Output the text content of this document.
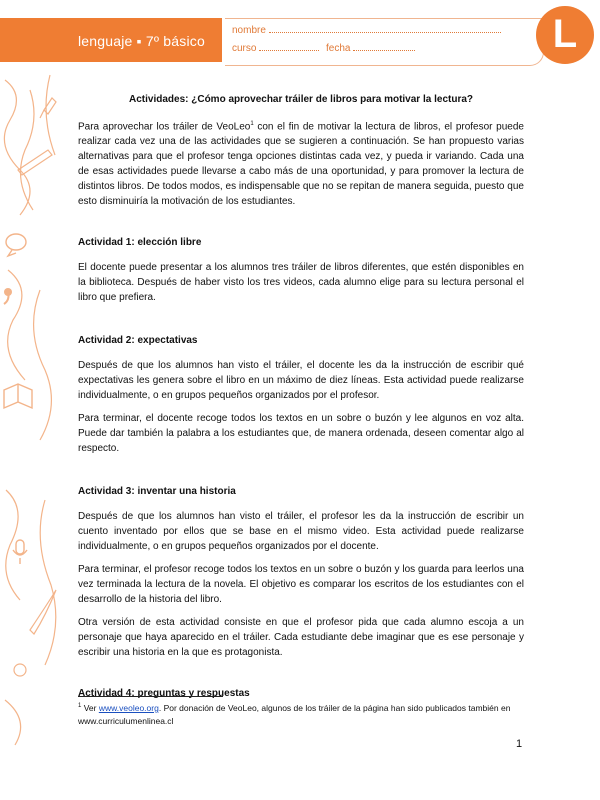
lenguaje ▪ 7º básico
nombre
curso	fecha	L
Actividades: ¿Cómo aprovechar tráiler de libros para motivar la lectura?

Para aprovechar los tráiler de VeoLeo$^1$ con el fin de motivar la lectura de libros, el profesor puede realizar cada vez una de las actividades que se sugieren a continuación. Se han propuesto varias alternativas para que el profesor tenga opciones distintas cada vez, y pueda ir variando. Cada una de esas actividades puede llevarse a cabo más de una oportunidad, y para promover la lectura de distintos libros. De todos modos, es indispensable que no se repitan de manera seguida, puesto que esto disminuiría la motivación de los estudiantes.

Actividad 1: elección libre

El docente puede presentar a los alumnos tres tráiler de libros diferentes, que estén disponibles en la biblioteca. Después de haber visto los tres videos, cada alumno elige para su lectura personal el libro que prefiera.

Actividad 2: expectativas

Después de que los alumnos han visto el tráiler, el docente les da la instrucción de escribir qué expectativas les genera sobre el libro en un máximo de diez líneas. Esta actividad puede realizarse individualmente, o en grupos pequeños organizados por el profesor.

Para terminar, el docente recoge todos los textos en un sobre o buzón y lee algunos en voz alta. Puede dar también la palabra a los estudiantes que, de manera ordenada, deseen comentar algo al respecto.

Actividad 3: inventar una historia

Después de que los alumnos han visto el tráiler, el profesor les da la instrucción de escribir un cuento inventado por ellos que se base en el mismo video. Esta actividad puede realizarse individualmente, o en grupos pequeños organizados por el docente.

Para terminar, el profesor recoge todos los textos en un sobre o buzón y los guarda para leerlos una vez terminada la lectura de la novela. El objetivo es comparar los escritos de los estudiantes con el desarrollo de la historia del libro.

Otra versión de esta actividad consiste en que el profesor pida que cada alumno escoja a un personaje que haya aparecido en el tráiler. Cada estudiante debe imaginar que es ese personaje y escribir una historia en la que es protagonista.

Actividad 4: preguntas y respuestas
$^1$ Ver www.veoleo.org. Por donación de VeoLeo, algunos de los tráiler de la página han sido publicados también en www.curriculumenlinea.cl
1
